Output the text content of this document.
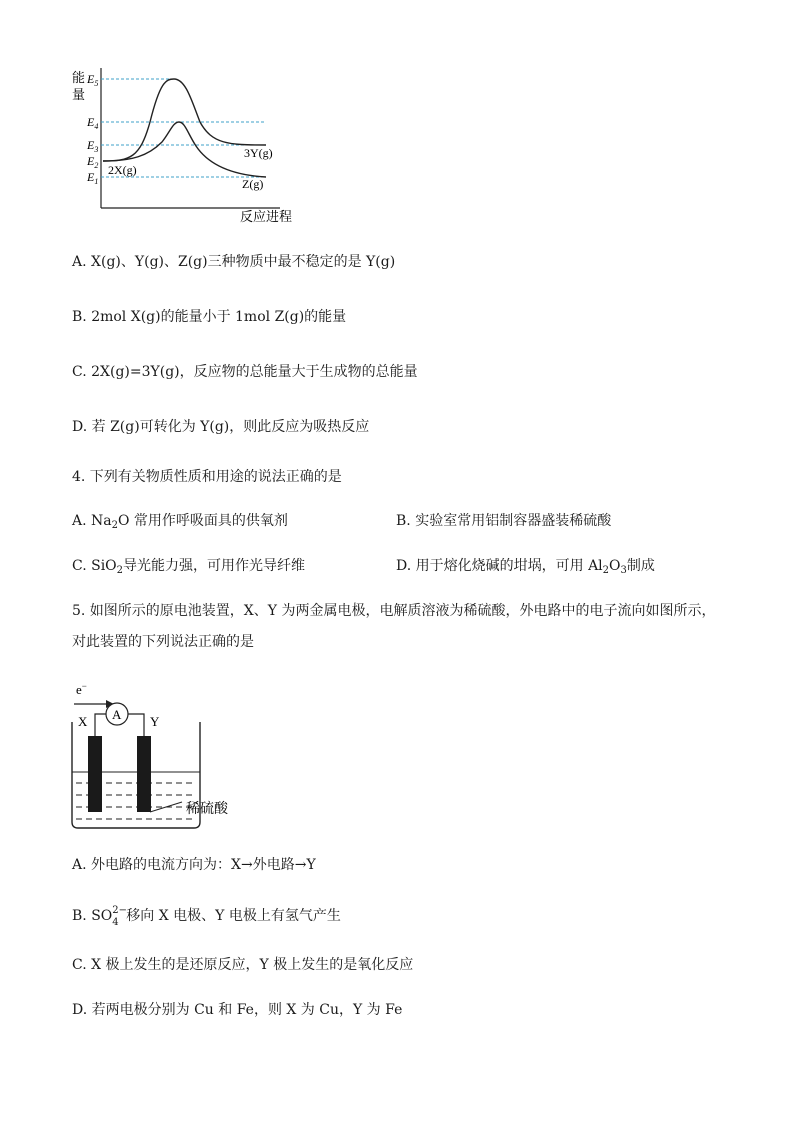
能
量
$E_5$
$E_4$
$E_3$
$E_2$
$E_1$
3Y(g)
2X(g)
Z(g)
反应进程
A. X(g)、Y(g)、Z(g)三种物质中最不稳定的是 Y(g)
B. 2mol X(g)的能量小于 1mol Z(g)的能量
C. 2X(g)=3Y(g)，反应物的总能量大于生成物的总能量
D. 若 Z(g)可转化为 Y(g)，则此反应为吸热反应
4. 下列有关物质性质和用途的说法正确的是
A. $Na_2O$ 常用作呼吸面具的供氧剂	B. 实验室常用铝制容器盛装稀硫酸
C. SiO$_2$导光能力强，可用作光导纤维	D. 用于熔化烧碱的坩埚，可用 $Al_2O_3$制成
5. 如图所示的原电池装置，X、Y 为两金属电极，电解质溶液为稀硫酸，外电路中的电子流向如图所示，
对此装置的下列说法正确的是
e−
X	Y
A
稀硫酸
A. 外电路的电流方向为：X→外电路→Y
B. SO 2−
4 移向 X 电极、Y 电极上有氢气产生
C. X 极上发生的是还原反应，Y 极上发生的是氧化反应
D. 若两电极分别为 Cu 和 Fe，则 X 为 Cu，Y 为 Fe
